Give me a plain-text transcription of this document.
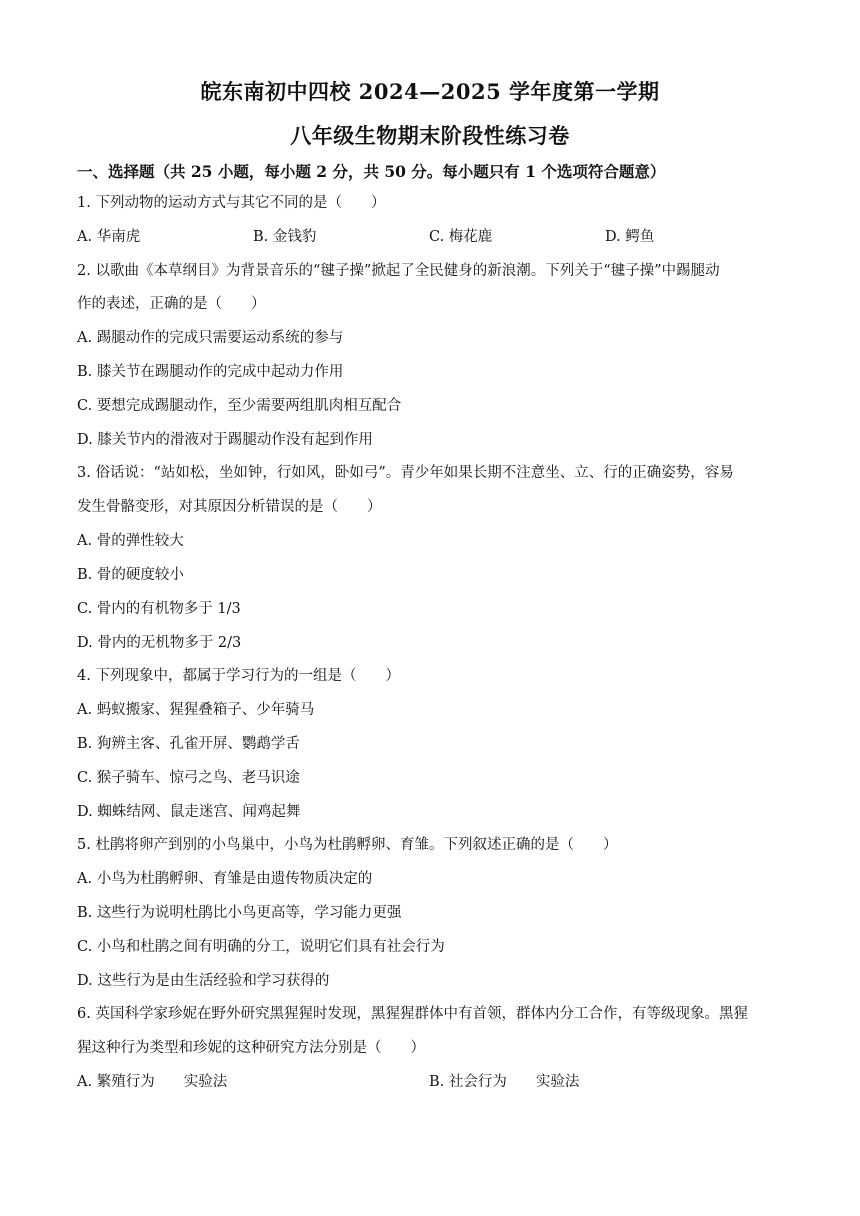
皖东南初中四校 2024—2025 学年度第一学期
八年级生物期末阶段性练习卷
一、选择题（共 25 小题，每小题 2 分，共 50 分。每小题只有 1 个选项符合题意）
1. 下列动物的运动方式与其它不同的是（　　）
A. 华南虎	B. 金钱豹	C. 梅花鹿	D. 鳄鱼
2. 以歌曲《本草纲目》为背景音乐的“毽子操”掀起了全民健身的新浪潮。下列关于“毽子操”中踢腿动
作的表述，正确的是（　　）
A. 踢腿动作的完成只需要运动系统的参与
B. 膝关节在踢腿动作的完成中起动力作用
C. 要想完成踢腿动作，至少需要两组肌肉相互配合
D. 膝关节内的滑液对于踢腿动作没有起到作用
3. 俗话说：“站如松，坐如钟，行如风，卧如弓”。青少年如果长期不注意坐、立、行的正确姿势，容易
发生骨骼变形，对其原因分析错误的是（　　）
A. 骨的弹性较大
B. 骨的硬度较小
C. 骨内的有机物多于 1/3
D. 骨内的无机物多于 2/3
4. 下列现象中，都属于学习行为的一组是（　　）
A. 蚂蚁搬家、猩猩叠箱子、少年骑马
B. 狗辨主客、孔雀开屏、鹦鹉学舌
C. 猴子骑车、惊弓之鸟、老马识途
D. 蜘蛛结网、鼠走迷宫、闻鸡起舞
5. 杜鹃将卵产到别的小鸟巢中，小鸟为杜鹃孵卵、育雏。下列叙述正确的是（　　）
A. 小鸟为杜鹃孵卵、育雏是由遗传物质决定的
B. 这些行为说明杜鹃比小鸟更高等，学习能力更强
C. 小鸟和杜鹃之间有明确的分工，说明它们具有社会行为
D. 这些行为是由生活经验和学习获得的
6. 英国科学家珍妮在野外研究黑猩猩时发现，黑猩猩群体中有首领，群体内分工合作，有等级现象。黑猩
猩这种行为类型和珍妮的这种研究方法分别是（　　）
A. 繁殖行为　　实验法	B. 社会行为　　实验法
